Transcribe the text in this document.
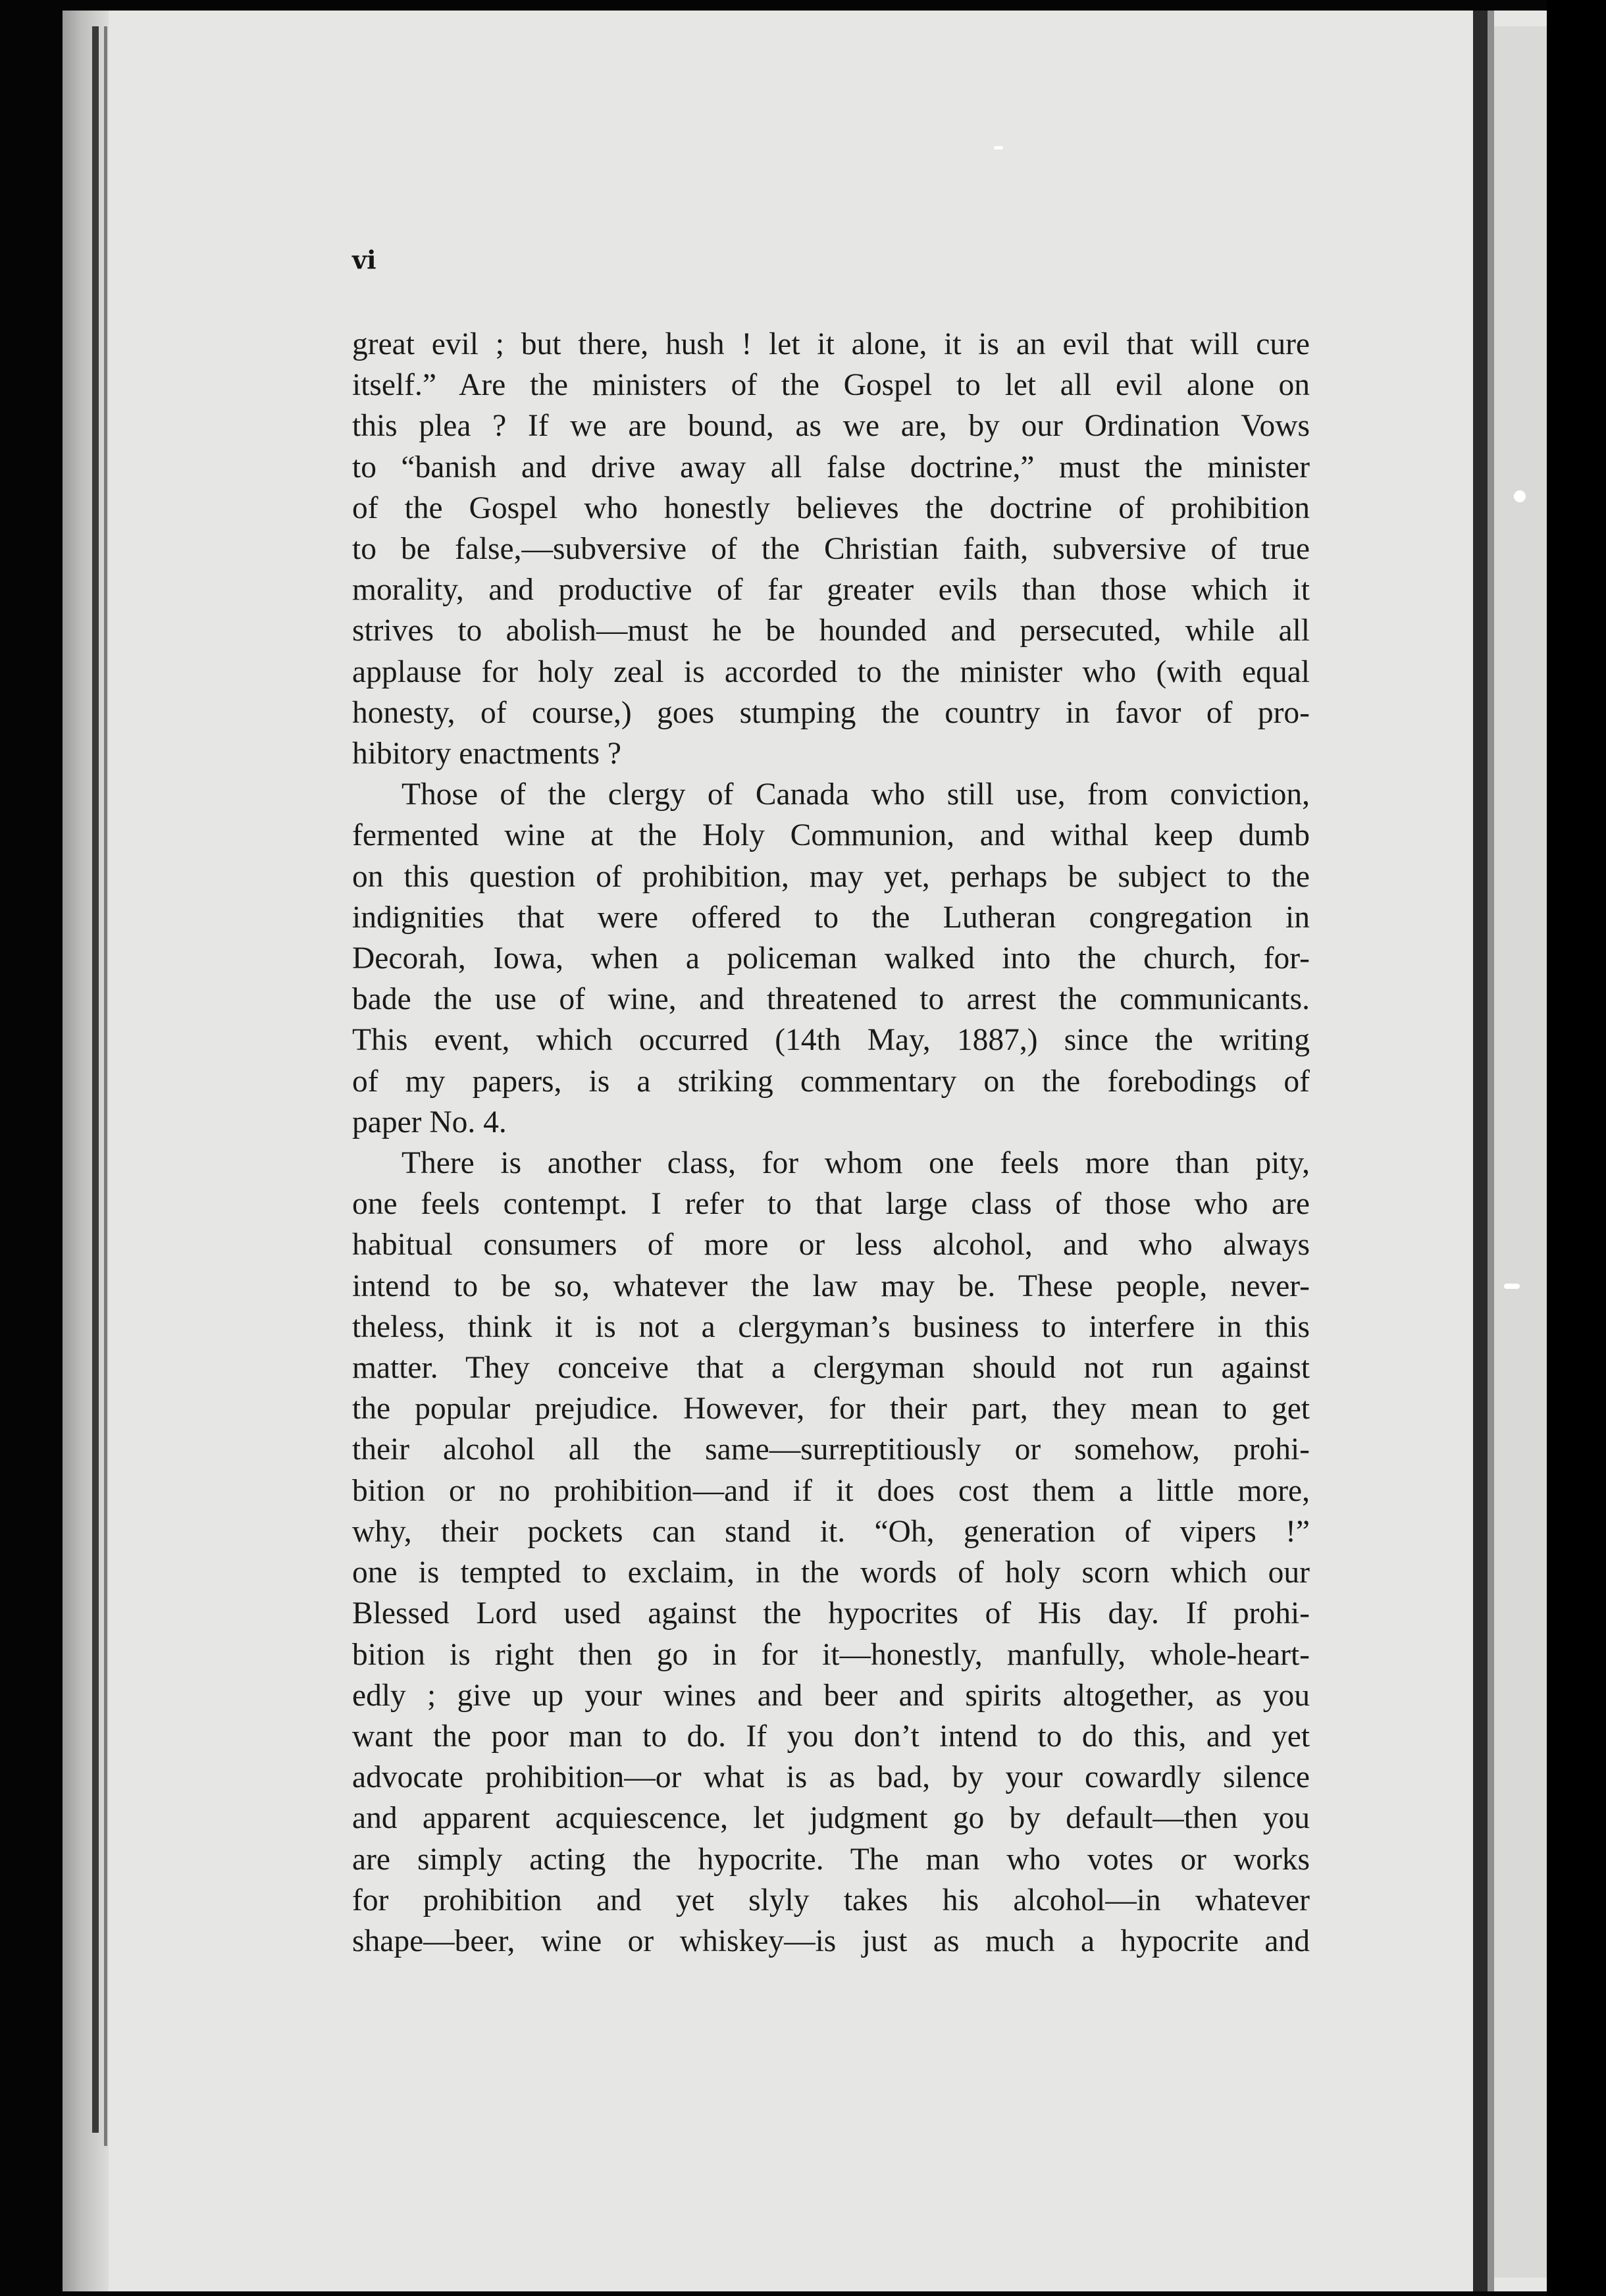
vi
great evil ; but there, hush ! let it alone, it is an evil that will cure
itself.” Are the ministers of the Gospel to let all evil alone on
this plea ? If we are bound, as we are, by our Ordination Vows
to “banish and drive away all false doctrine,” must the minister
of the Gospel who honestly believes the doctrine of prohibition
to be false,—subversive of the Christian faith, subversive of true
morality, and productive of far greater evils than those which it
strives to abolish—must he be hounded and persecuted, while all
applause for holy zeal is accorded to the minister who (with equal
honesty, of course,) goes stumping the country in favor of pro-
hibitory enactments ?
Those of the clergy of Canada who still use, from conviction,
fermented wine at the Holy Communion, and withal keep dumb
on this question of prohibition, may yet, perhaps be subject to the
indignities that were offered to the Lutheran congregation in
Decorah, Iowa, when a policeman walked into the church, for-
bade the use of wine, and threatened to arrest the communicants.
This event, which occurred (14th May, 1887,) since the writing
of my papers, is a striking commentary on the forebodings of
paper No. 4.
There is another class, for whom one feels more than pity,
one feels contempt. I refer to that large class of those who are
habitual consumers of more or less alcohol, and who always
intend to be so, whatever the law may be. These people, never-
theless, think it is not a clergyman’s business to interfere in this
matter. They conceive that a clergyman should not run against
the popular prejudice. However, for their part, they mean to get
their alcohol all the same—surreptitiously or somehow, prohi-
bition or no prohibition—and if it does cost them a little more,
why, their pockets can stand it. “Oh, generation of vipers !”
one is tempted to exclaim, in the words of holy scorn which our
Blessed Lord used against the hypocrites of His day. If prohi-
bition is right then go in for it—honestly, manfully, whole-heart-
edly ; give up your wines and beer and spirits altogether, as you
want the poor man to do. If you don’t intend to do this, and yet
advocate prohibition—or what is as bad, by your cowardly silence
and apparent acquiescence, let judgment go by default—then you
are simply acting the hypocrite. The man who votes or works
for prohibition and yet slyly takes his alcohol—in whatever
shape—beer, wine or whiskey—is just as much a hypocrite and
